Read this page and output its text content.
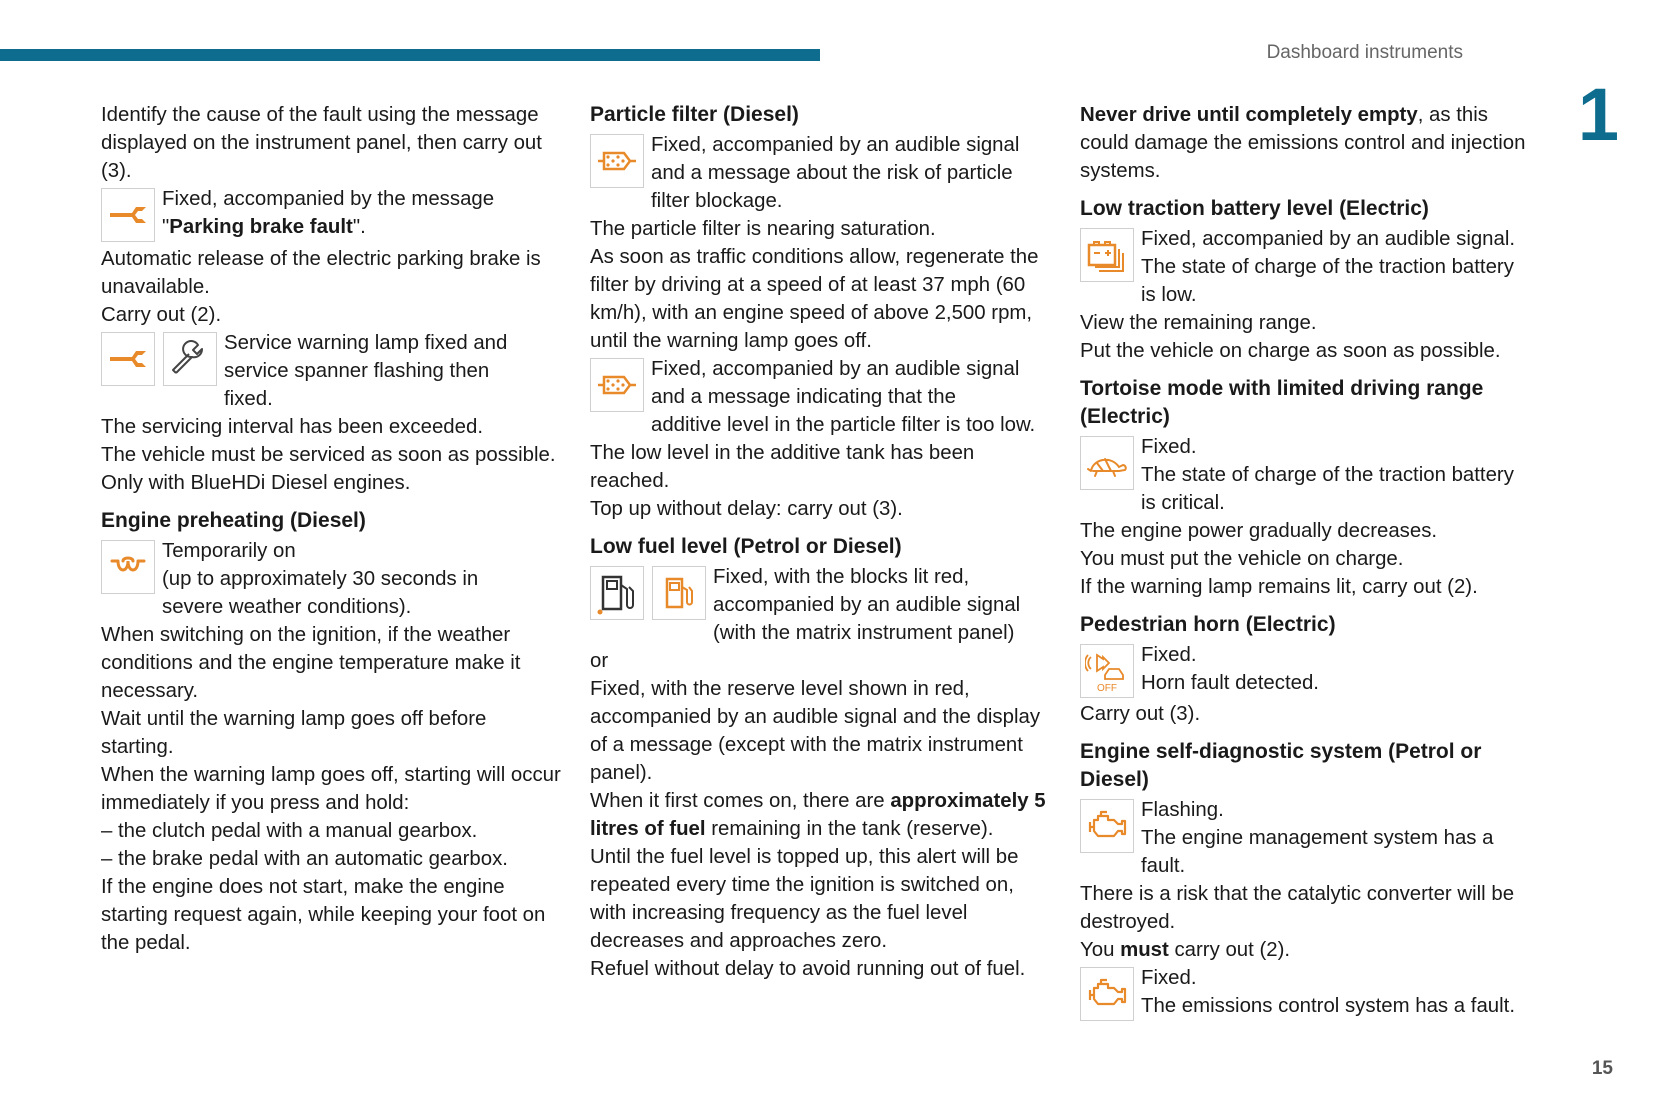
Dashboard instruments
1
15

Identify the cause of the fault using the message displayed on the instrument panel, then carry out (3).

Fixed, accompanied by the message
"Parking brake fault".

Automatic release of the electric parking brake is unavailable.

Carry out (2).

Service warning lamp fixed and
service spanner flashing then
fixed.

The servicing interval has been exceeded.

The vehicle must be serviced as soon as possible.

Only with BlueHDi Diesel engines.

Engine preheating (Diesel)
Temporarily on
(up to approximately 30 seconds in
severe weather conditions).

When switching on the ignition, if the weather conditions and the engine temperature make it necessary.

Wait until the warning lamp goes off before starting.

When the warning lamp goes off, starting will occur immediately if you press and hold:

– the clutch pedal with a manual gearbox.

– the brake pedal with an automatic gearbox.

If the engine does not start, make the engine starting request again, while keeping your foot on the pedal.

Particle filter (Diesel)
Fixed, accompanied by an audible signal
and a message about the risk of particle
filter blockage.

The particle filter is nearing saturation.

As soon as traffic conditions allow, regenerate the filter by driving at a speed of at least 37 mph (60 km/h), with an engine speed of above 2,500 rpm, until the warning lamp goes off.

Fixed, accompanied by an audible signal
and a message indicating that the
additive level in the particle filter is too low.

The low level in the additive tank has been reached.

Top up without delay: carry out (3).

Low fuel level (Petrol or Diesel)
Fixed, with the blocks lit red,
accompanied by an audible signal
(with the matrix instrument panel)

or

Fixed, with the reserve level shown in red, accompanied by an audible signal and the display of a message (except with the matrix instrument panel).

When it first comes on, there are approximately 5 litres of fuel remaining in the tank (reserve).

Until the fuel level is topped up, this alert will be repeated every time the ignition is switched on, with increasing frequency as the fuel level decreases and approaches zero.

Refuel without delay to avoid running out of fuel.

Never drive until completely empty, as this could damage the emissions control and injection systems.

Low traction battery level (Electric)
Fixed, accompanied by an audible signal.
The state of charge of the traction battery
is low.

View the remaining range.

Put the vehicle on charge as soon as possible.

Tortoise mode with limited driving range (Electric)
Fixed.
The state of charge of the traction battery
is critical.

The engine power gradually decreases.

You must put the vehicle on charge.

If the warning lamp remains lit, carry out (2).

Pedestrian horn (Electric)
OFF
Fixed.
Horn fault detected.

Carry out (3).

Engine self-diagnostic system (Petrol or Diesel)
Flashing.
The engine management system has a
fault.

There is a risk that the catalytic converter will be destroyed.

You must carry out (2).

Fixed.
The emissions control system has a fault.
